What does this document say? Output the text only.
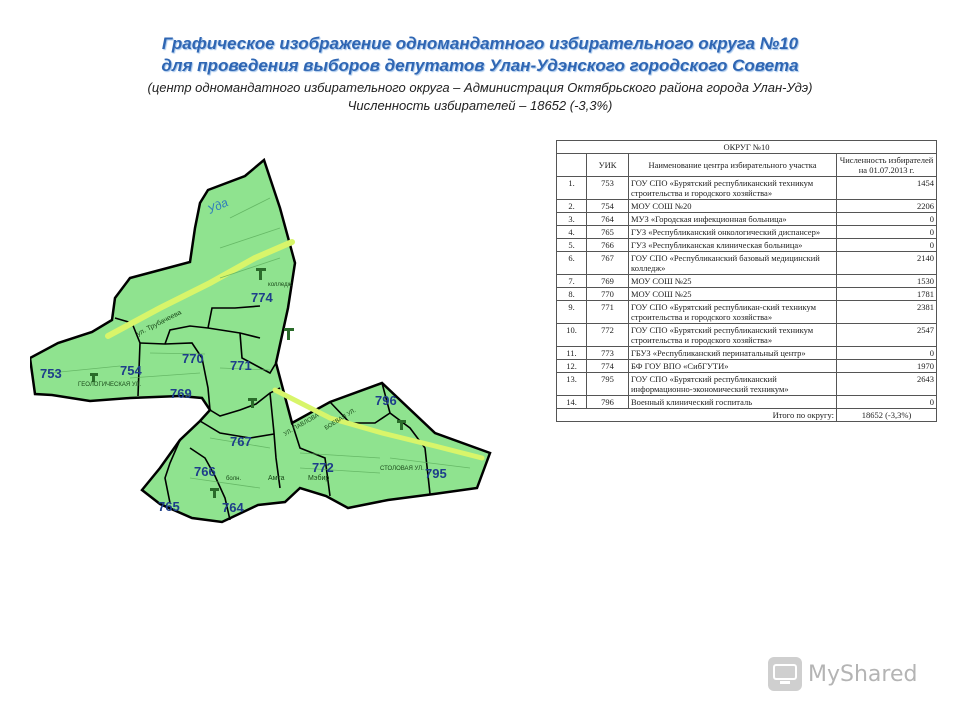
Графическое изображение одномандатного избирательного округа №10
для проведения выборов депутатов Улан-Удэнского городского Совета
(центр одномандатного избирательного округа – Администрация Октябрьского района города Улан-Удэ)
Численность избирателей – 18652 (-3,3%)
Удa
ул. Трубачеева
ГЕОЛОГИЧЕСКАЯ УЛ.
БОЕВАЯ УЛ.
УЛ. ПАВЛОВА
СТОЛОВАЯ УЛ.
колледж
Амта	Мэбир
болн.
753	754
770 771
769
774
767
766
765	764
772	795
796
ОКРУГ №10			
	УИК	Наименование центра избирательного участка	Численность избирателей на 01.07.2013 г.
1.	753	ГОУ СПО «Бурятский республиканский техникум строительства и городского хозяйства»	1454
2.	754	МОУ СОШ №20	2206
3.	764	МУЗ «Городская инфекционная больница»	0
4.	765	ГУЗ «Республиканский онкологический диспансер»	0
5.	766	ГУЗ «Республиканская клиническая больница»	0
6.	767	ГОУ СПО «Республиканский базовый медицинский колледж»	2140
7.	769	МОУ СОШ №25	1530
8.	770	МОУ СОШ №25	1781
9.	771	ГОУ СПО «Бурятский республикан-ский техникум строительства и городского хозяйства»	2381
10.	772	ГОУ СПО «Бурятский республиканский техникум строительства и городского хозяйства»	2547
11.	773	ГБУЗ «Республиканский перинатальный центр»	0
12.	774	БФ ГОУ ВПО «СибГУТИ»	1970
13.	795	ГОУ СПО «Бурятский республиканский информационно-экономический техникум»	2643
14.	796	Военный клинический госпиталь	0
Итого по округу:			18652 (-3,3%)
MyShared
